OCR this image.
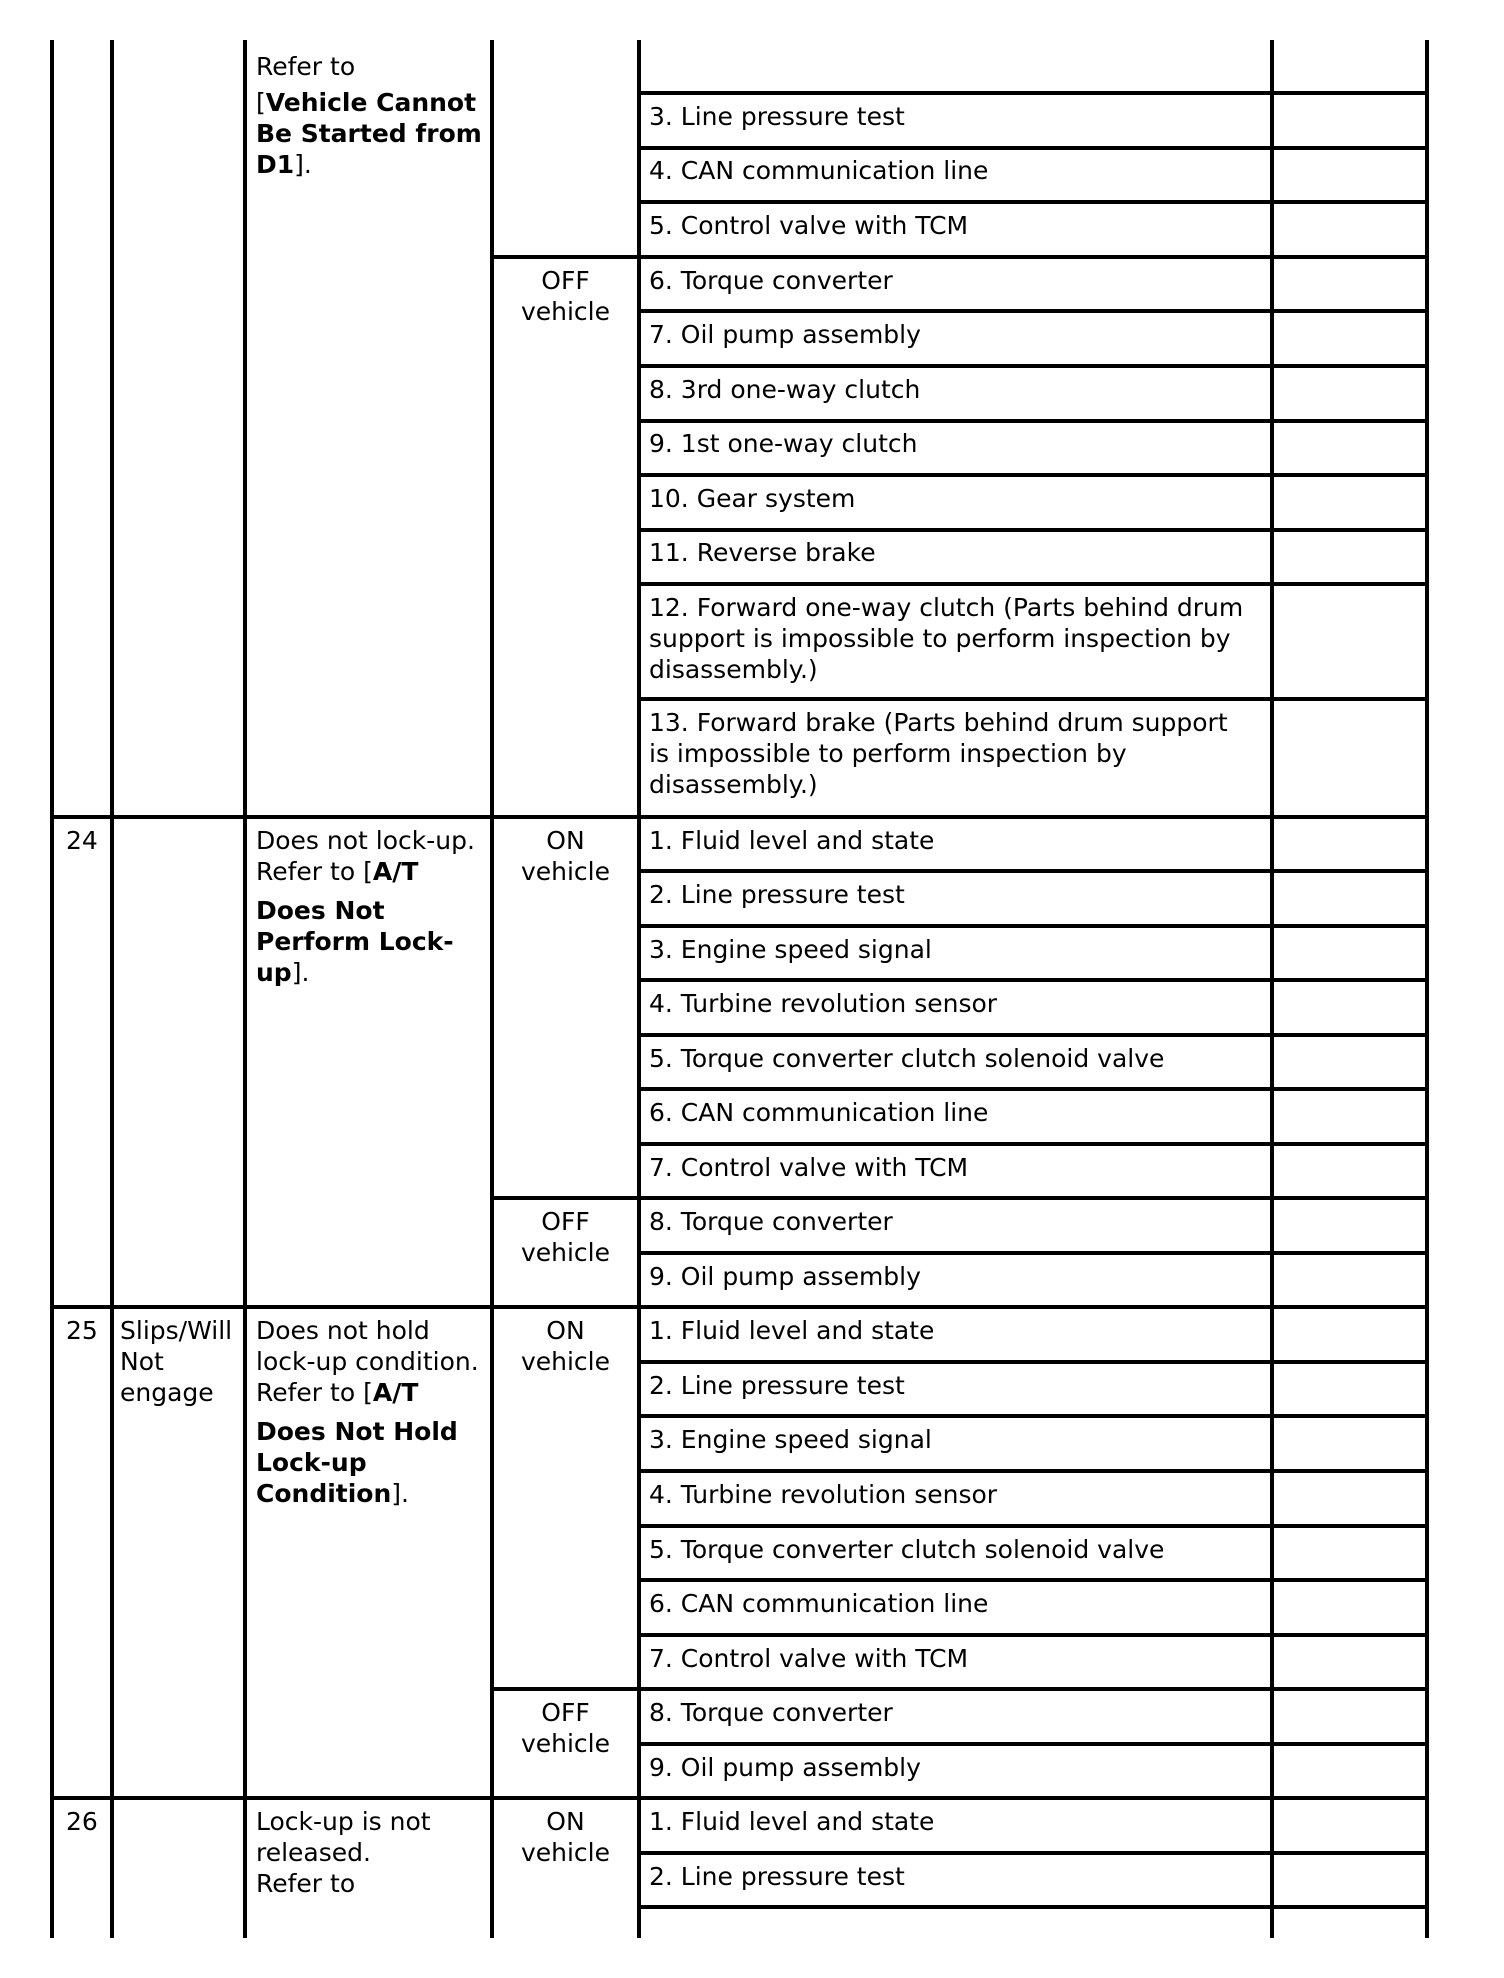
Refer to
[Vehicle Cannot
Be Started from
D1].
3. Line pressure test
4. CAN communication line
5. Control valve with TCM
OFF
vehicle
6. Torque converter
7. Oil pump assembly
8. 3rd one-way clutch
9. 1st one-way clutch
10. Gear system
11. Reverse brake
12. Forward one-way clutch (Parts behind drum
support is impossible to perform inspection by
disassembly.)
13. Forward brake (Parts behind drum support
is impossible to perform inspection by
disassembly.)
24	Does not lock-up.
Refer to [A/T
Does Not
Perform Lock-
up].
ON
vehicle
1. Fluid level and state
2. Line pressure test
3. Engine speed signal
4. Turbine revolution sensor
5. Torque converter clutch solenoid valve
6. CAN communication line
7. Control valve with TCM
OFF
vehicle
8. Torque converter
9. Oil pump assembly
25 Slips/Will
Not
engage
Does not hold
lock-up condition.
Refer to [A/T
Does Not Hold
Lock-up
Condition].
ON
vehicle
1. Fluid level and state
2. Line pressure test
3. Engine speed signal
4. Turbine revolution sensor
5. Torque converter clutch solenoid valve
6. CAN communication line
7. Control valve with TCM
OFF
vehicle
8. Torque converter
9. Oil pump assembly
26	Lock-up is not
released.
Refer to
ON
vehicle
1. Fluid level and state
2. Line pressure test
